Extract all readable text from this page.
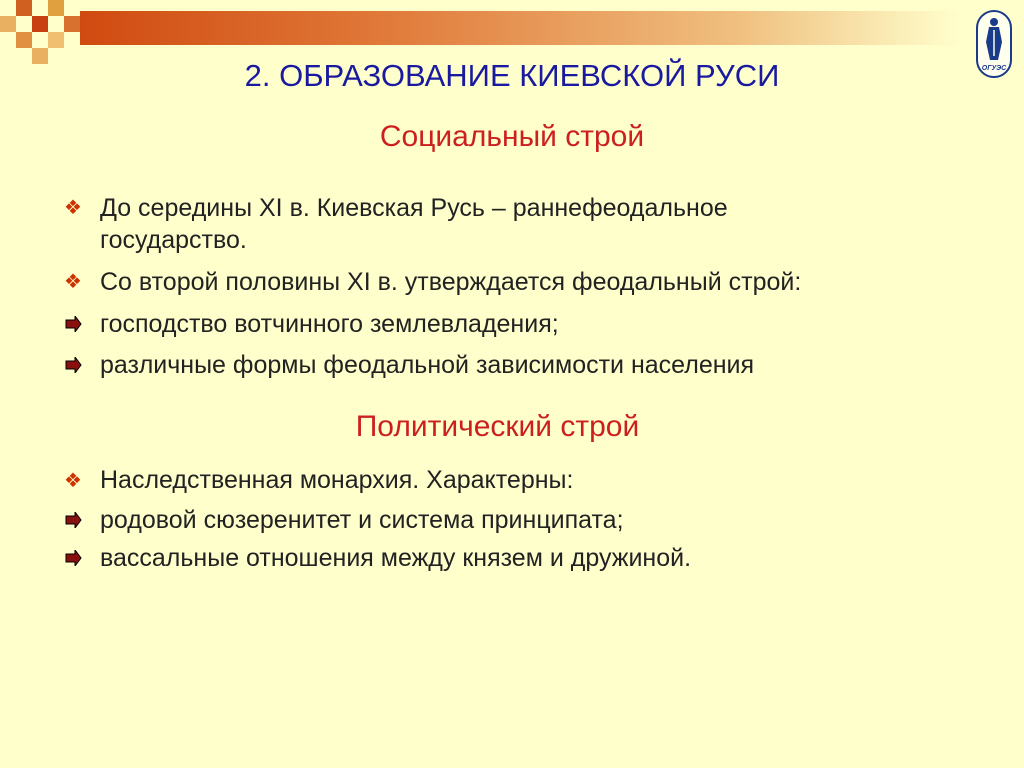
ОГУЭС
2. ОБРАЗОВАНИЕ КИЕВСКОЙ РУСИ
Социальный строй
❖ До середины XI в. Киевская Русь – раннефеодальное
государство.
❖ Со второй половины XI в. утверждается феодальный строй:
господство вотчинного землевладения;
различные формы феодальной зависимости населения
Политический строй
❖ Наследственная монархия. Характерны:
родовой сюзеренитет и система принципата;
вассальные отношения между князем и дружиной.
